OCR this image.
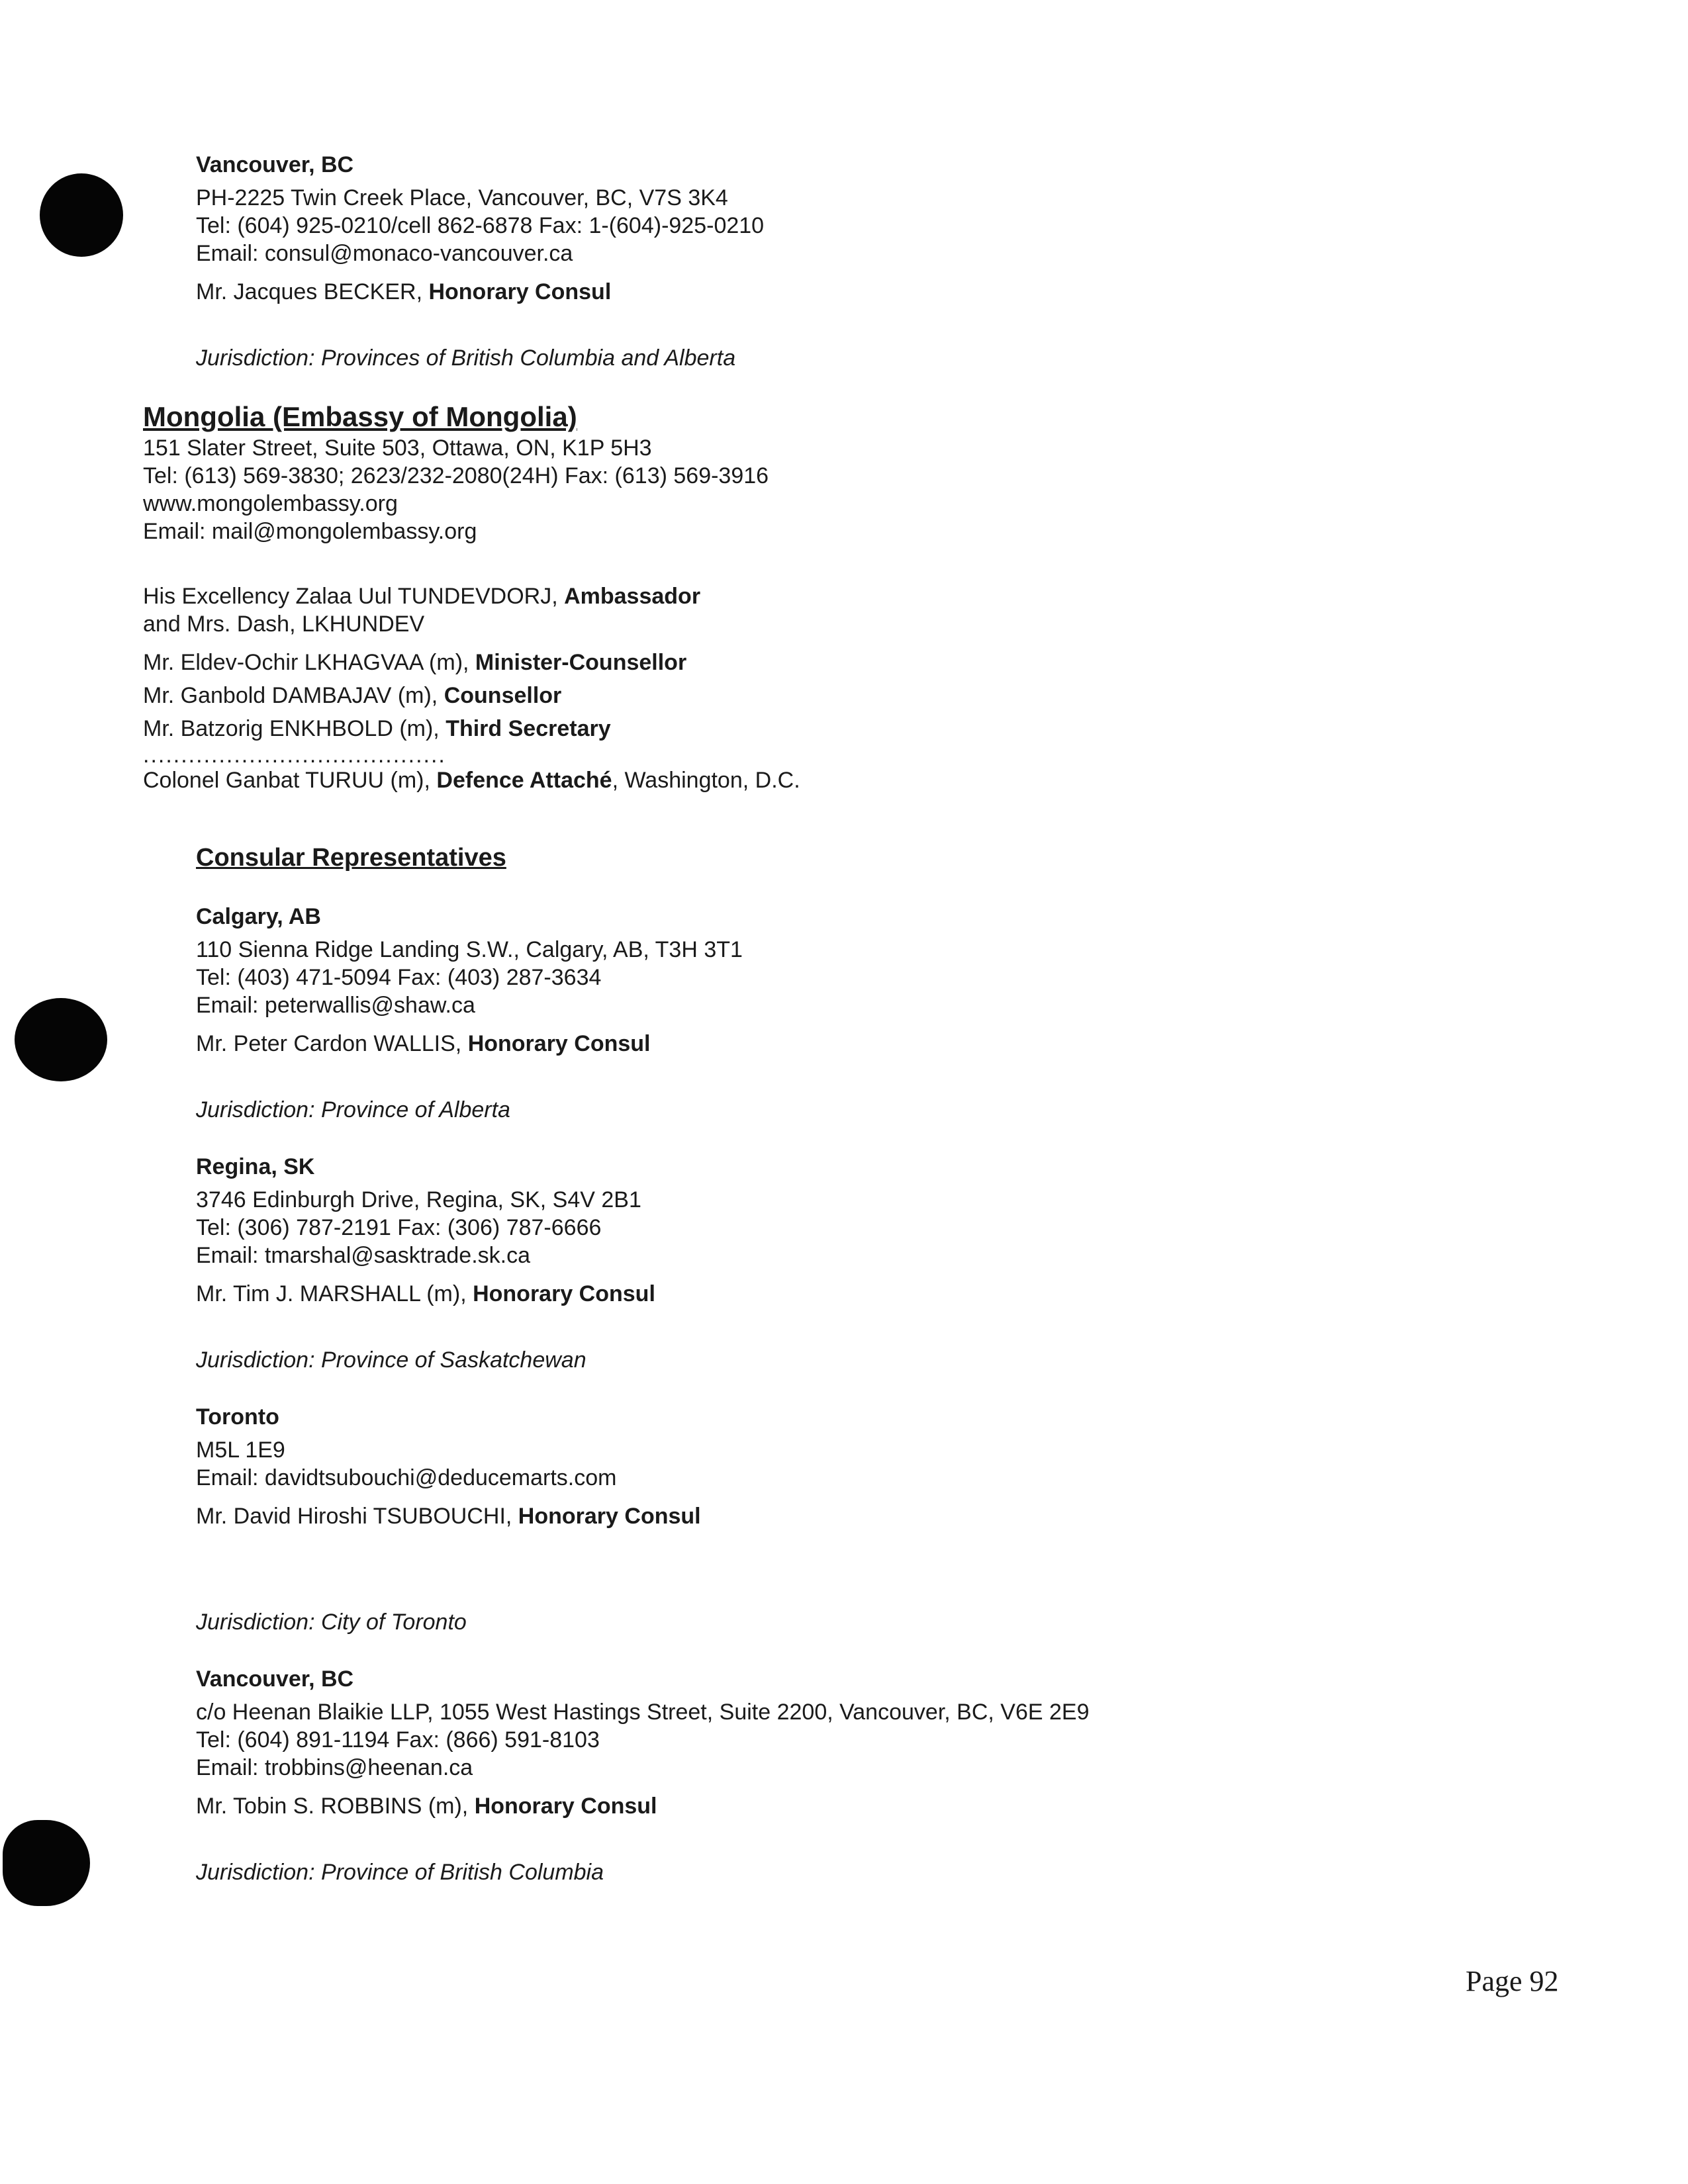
Vancouver, BC

PH-2225 Twin Creek Place, Vancouver, BC, V7S 3K4

Tel: (604) 925-0210/cell 862-6878 Fax: 1-(604)-925-0210

Email: consul@monaco-vancouver.ca

Mr. Jacques BECKER, Honorary Consul

Jurisdiction: Provinces of British Columbia and Alberta

Mongolia (Embassy of Mongolia)

151 Slater Street, Suite 503, Ottawa, ON, K1P 5H3

Tel: (613) 569-3830; 2623/232-2080(24H) Fax: (613) 569-3916

www.mongolembassy.org

Email: mail@mongolembassy.org

His Excellency Zalaa Uul TUNDEVDORJ, Ambassador

and Mrs. Dash, LKHUNDEV

Mr. Eldev-Ochir LKHAGVAA (m), Minister-Counsellor

Mr. Ganbold DAMBAJAV (m), Counsellor

Mr. Batzorig ENKHBOLD (m), Third Secretary

........................................

Colonel Ganbat TURUU (m), Defence Attaché, Washington, D.C.

Consular Representatives

Calgary, AB

110 Sienna Ridge Landing S.W., Calgary, AB, T3H 3T1

Tel: (403) 471-5094 Fax: (403) 287-3634

Email: peterwallis@shaw.ca

Mr. Peter Cardon WALLIS, Honorary Consul

Jurisdiction: Province of Alberta

Regina, SK

3746 Edinburgh Drive, Regina, SK, S4V 2B1

Tel: (306) 787-2191 Fax: (306) 787-6666

Email: tmarshal@sasktrade.sk.ca

Mr. Tim J. MARSHALL (m), Honorary Consul

Jurisdiction: Province of Saskatchewan

Toronto

M5L 1E9

Email: davidtsubouchi@deducemarts.com

Mr. David Hiroshi TSUBOUCHI, Honorary Consul

Jurisdiction: City of Toronto

Vancouver, BC

c/o Heenan Blaikie LLP, 1055 West Hastings Street, Suite 2200, Vancouver, BC, V6E 2E9

Tel: (604) 891-1194 Fax: (866) 591-8103

Email: trobbins@heenan.ca

Mr. Tobin S. ROBBINS (m), Honorary Consul

Jurisdiction: Province of British Columbia

Page 92
